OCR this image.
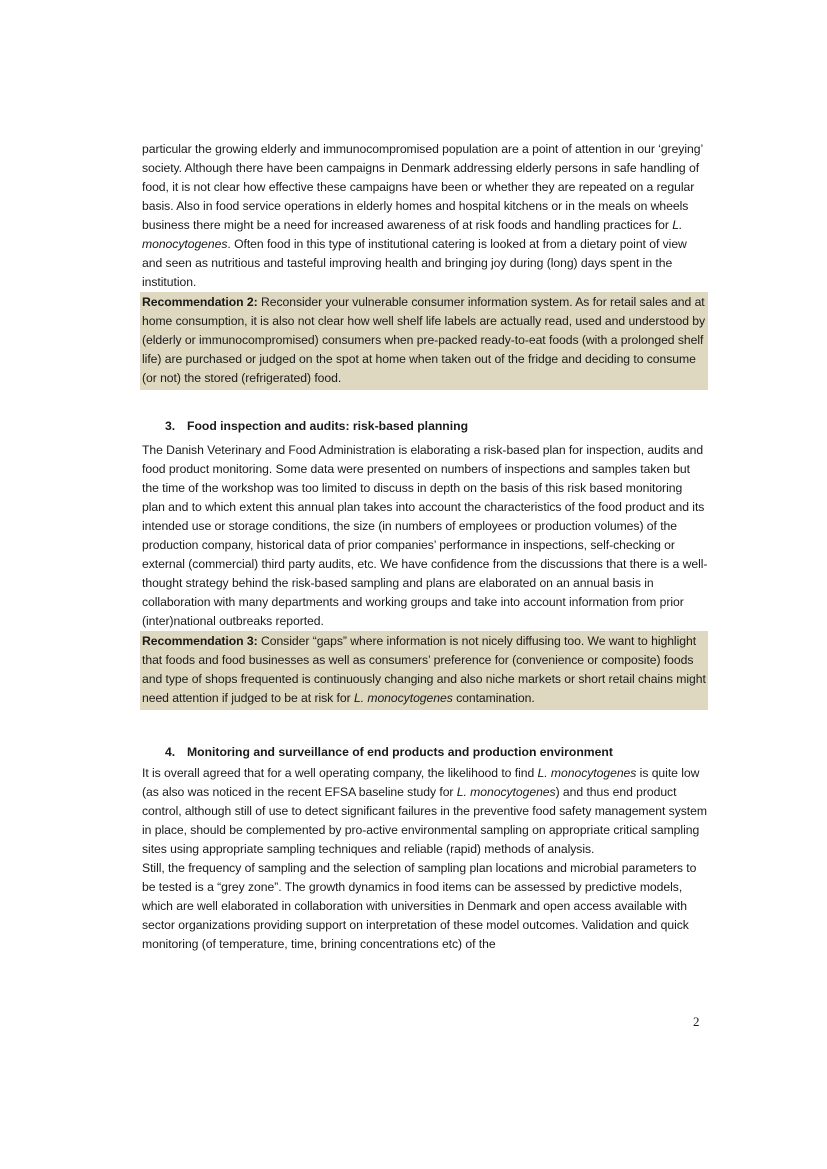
particular the growing elderly and immunocompromised population are a point of attention in our ‘greying’ society. Although there have been campaigns in Denmark addressing elderly persons in safe handling of food, it is not clear how effective these campaigns have been or whether they are repeated on a regular basis. Also in food service operations in elderly homes and hospital kitchens or in the meals on wheels business there might be a need for increased awareness of at risk foods and handling practices for L. monocytogenes. Often food in this type of institutional catering is looked at from a dietary point of view and seen as nutritious and tasteful improving health and bringing joy during (long) days spent in the institution.

Recommendation 2: Reconsider your vulnerable consumer information system. As for retail sales and at home consumption, it is also not clear how well shelf life labels are actually read, used and understood by (elderly or immunocompromised) consumers when pre-packed ready-to-eat foods (with a prolonged shelf life) are purchased or judged on the spot at home when taken out of the fridge and deciding to consume (or not) the stored (refrigerated) food.

3. Food inspection and audits: risk-based planning

The Danish Veterinary and Food Administration is elaborating a risk-based plan for inspection, audits and food product monitoring. Some data were presented on numbers of inspections and samples taken but the time of the workshop was too limited to discuss in depth on the basis of this risk based monitoring plan and to which extent this annual plan takes into account the characteristics of the food product and its intended use or storage conditions, the size (in numbers of employees or production volumes) of the production company, historical data of prior companies’ performance in inspections, self-checking or external (commercial) third party audits, etc. We have confidence from the discussions that there is a well-thought strategy behind the risk-based sampling and plans are elaborated on an annual basis in collaboration with many departments and working groups and take into account information from prior (inter)national outbreaks reported.

Recommendation 3: Consider “gaps” where information is not nicely diffusing too. We want to highlight that foods and food businesses as well as consumers’ preference for (convenience or composite) foods and type of shops frequented is continuously changing and also niche markets or short retail chains might need attention if judged to be at risk for L. monocytogenes contamination.

4. Monitoring and surveillance of end products and production environment

It is overall agreed that for a well operating company, the likelihood to find L. monocytogenes is quite low (as also was noticed in the recent EFSA baseline study for L. monocytogenes) and thus end product control, although still of use to detect significant failures in the preventive food safety management system in place, should be complemented by pro-active environmental sampling on appropriate critical sampling sites using appropriate sampling techniques and reliable (rapid) methods of analysis.

Still, the frequency of sampling and the selection of sampling plan locations and microbial parameters to be tested is a “grey zone”. The growth dynamics in food items can be assessed by predictive models, which are well elaborated in collaboration with universities in Denmark and open access available with sector organizations providing support on interpretation of these model outcomes. Validation and quick monitoring (of temperature, time, brining concentrations etc) of the

2
